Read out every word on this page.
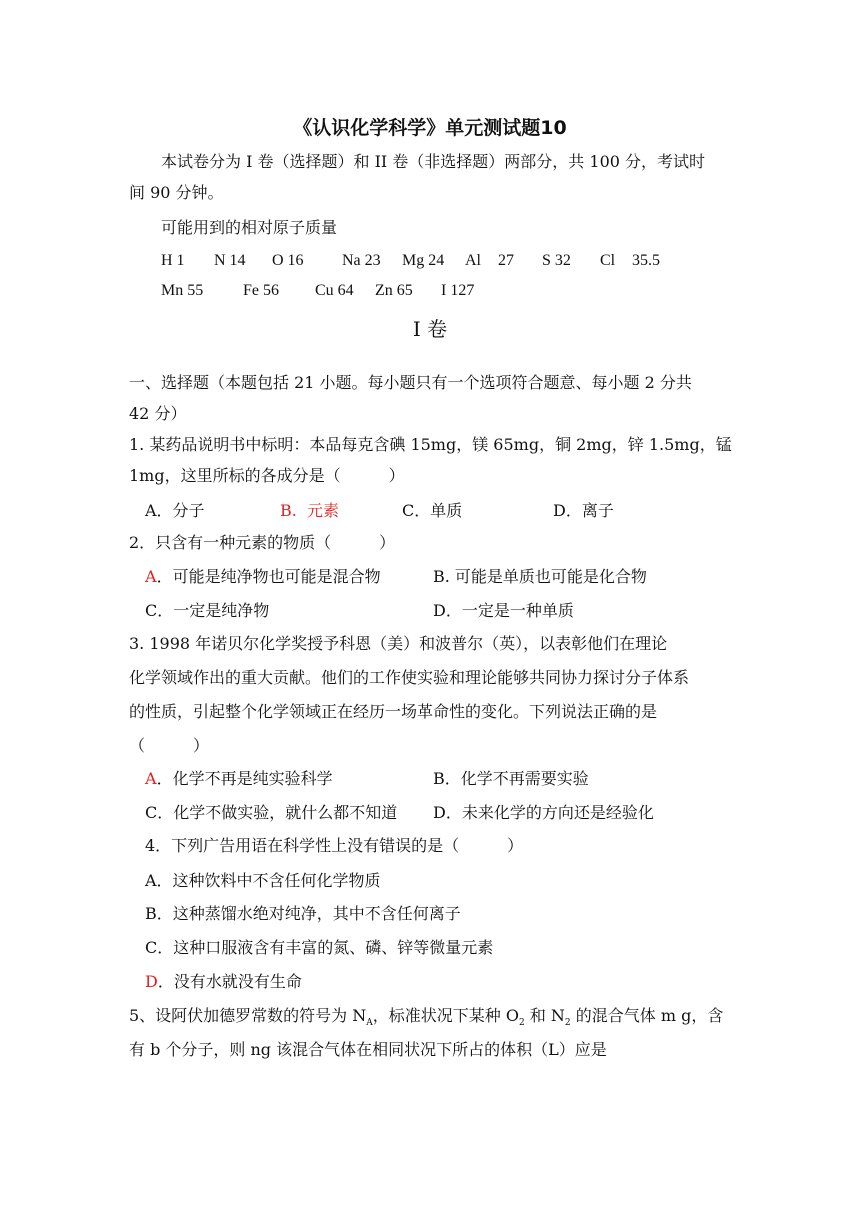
《认识化学科学》单元测试题10
本试卷分为 I 卷（选择题）和 II 卷（非选择题）两部分，共 100 分，考试时
间 90 分钟。
可能用到的相对原子质量
H 1 N 14 O 16 Na 23 Mg 24 Al 27 S 32 Cl 35.5
Mn 55 Fe 56 Cu 64 Zn 65 I 127
I 卷
一、选择题（本题包括 21 小题。每小题只有一个选项符合题意、每小题 2 分共
42 分）
1. 某药品说明书中标明：本品每克含碘 15mg，镁 65mg，铜 2mg，锌 1.5mg，锰
1mg，这里所标的各成分是（　　　）
A．分子	B. 元素	C．单质	D．离子
2．只含有一种元素的物质（　　　）
A．可能是纯净物也可能是混合物	B. 可能是单质也可能是化合物
C．一定是纯净物	D．一定是一种单质
3. 1998 年诺贝尔化学奖授予科恩（美）和波普尔（英），以表彰他们在理论
化学领域作出的重大贡献。他们的工作使实验和理论能够共同协力探讨分子体系
的性质，引起整个化学领域正在经历一场革命性的变化。下列说法正确的是
（　　　）
A．化学不再是纯实验科学	B．化学不再需要实验
C．化学不做实验，就什么都不知道 D．未来化学的方向还是经验化
4．下列广告用语在科学性上没有错误的是（　　　）
A．这种饮料中不含任何化学物质
B．这种蒸馏水绝对纯净，其中不含任何离子
C．这种口服液含有丰富的氮、磷、锌等微量元素
D．没有水就没有生命
5、设阿伏加德罗常数的符号为 $N_A$，标准状况下某种 $O_2$ 和 $N_2$ 的混合气体 m g，含
有 b 个分子，则 ng 该混合气体在相同状况下所占的体积（L）应是
